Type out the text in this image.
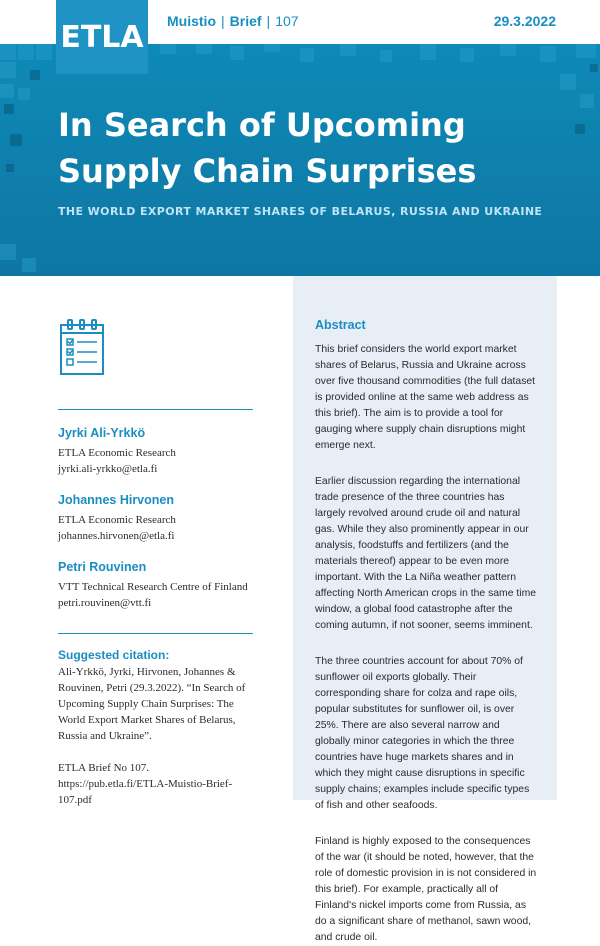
ETLA Muistio | Brief | 107	29.3.2022
In Search of Upcoming Supply Chain Surprises

THE WORLD EXPORT MARKET SHARES OF BELARUS, RUSSIA AND UKRAINE

Jyrki Ali-Yrkkö
ETLA Economic Research
jyrki.ali-yrkko@etla.fi
Johannes Hirvonen
ETLA Economic Research
johannes.hirvonen@etla.fi
Petri Rouvinen
VTT Technical Research Centre of Finland
petri.rouvinen@vtt.fi
Suggested citation:
Ali-Yrkkö, Jyrki, Hirvonen, Johannes & Rouvinen, Petri (29.3.2022). “In Search of Upcoming Supply Chain Surprises: The World Export Market Shares of Belarus, Russia and Ukraine”.
ETLA Brief No 107.
https://pub.etla.fi/ETLA-Muistio-Brief-107.pdf
Abstract

This brief considers the world export market shares of Belarus, Russia and Ukraine across over five thousand commodities (the full dataset is provided online at the same web address as this brief). The aim is to provide a tool for gauging where supply chain disruptions might emerge next.

Earlier discussion regarding the international trade presence of the three countries has largely revolved around crude oil and natural gas. While they also prominently appear in our analysis, foodstuffs and fertilizers (and the materials thereof) appear to be even more important. With the La Niña weather pattern affecting North American crops in the same time window, a global food catastrophe after the coming autumn, if not sooner, seems imminent.

The three countries account for about 70% of sunflower oil exports globally. Their corresponding share for colza and rape oils, popular substitutes for sunflower oil, is over 25%. There are also several narrow and globally minor categories in which the three countries have huge markets shares and in which they might cause disruptions in specific supply chains; examples include specific types of fish and other seafoods.

Finland is highly exposed to the consequences of the war (it should be noted, however, that the role of domestic provision in is not considered in this brief). For example, practically all of Finland's nickel imports come from Russia, as do a significant share of methanol, sawn wood, and crude oil.
